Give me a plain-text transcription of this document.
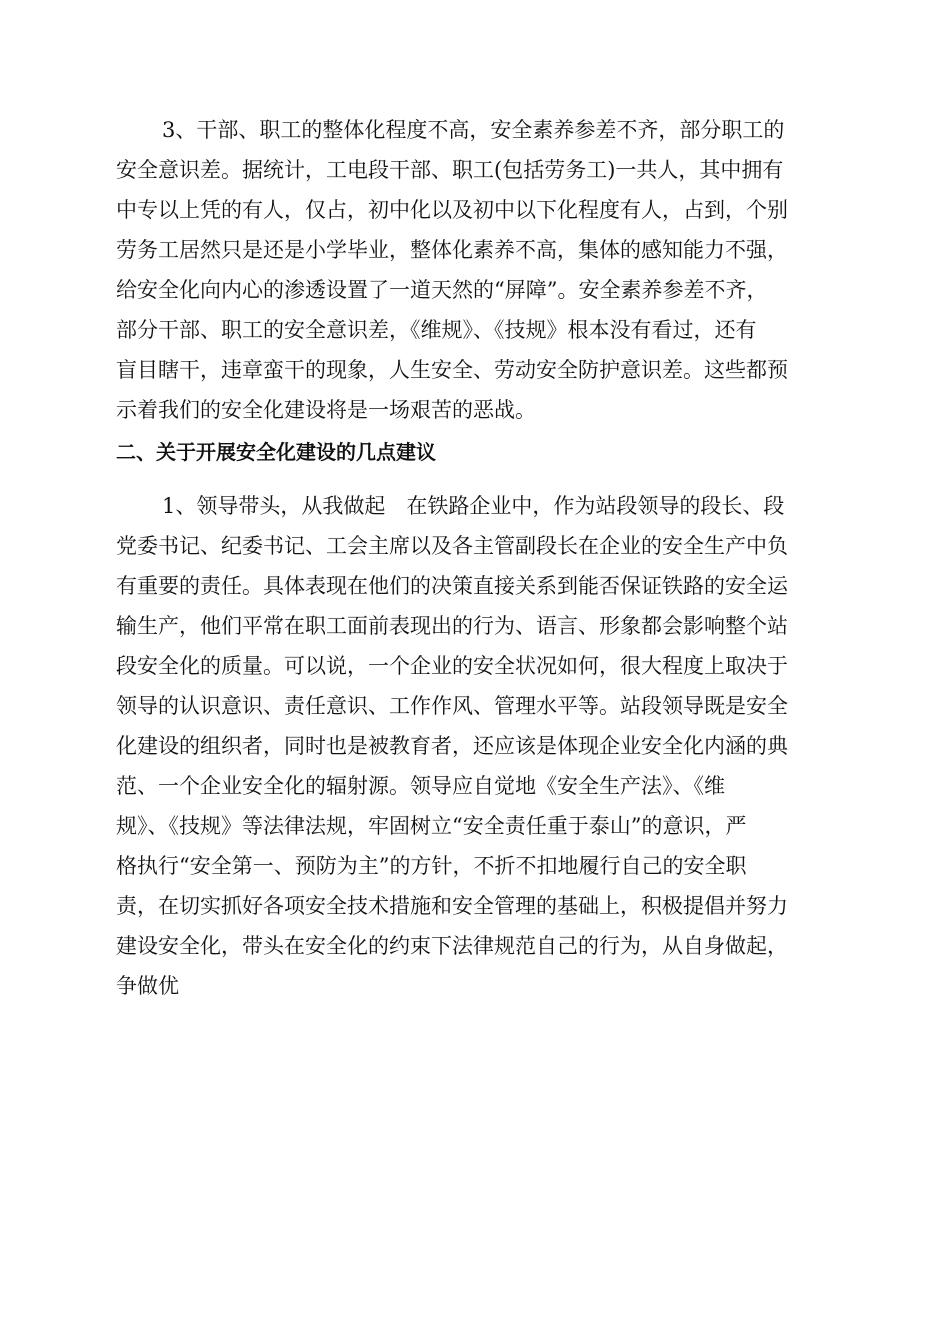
3、干部、职工的整体化程度不高，安全素养参差不齐，部分职工的
安全意识差。据统计，工电段干部、职工(包括劳务工)一共人，其中拥有
中专以上凭的有人，仅占，初中化以及初中以下化程度有人，占到，个别
劳务工居然只是还是小学毕业，整体化素养不高，集体的感知能力不强，
给安全化向内心的渗透设置了一道天然的“屏障”。安全素养参差不齐，
部分干部、职工的安全意识差，《维规》、《技规》根本没有看过，还有
盲目瞎干，违章蛮干的现象，人生安全、劳动安全防护意识差。这些都预
示着我们的安全化建设将是一场艰苦的恶战。
二、关于开展安全化建设的几点建议
1、领导带头，从我做起　在铁路企业中，作为站段领导的段长、段
党委书记、纪委书记、工会主席以及各主管副段长在企业的安全生产中负
有重要的责任。具体表现在他们的决策直接关系到能否保证铁路的安全运
输生产，他们平常在职工面前表现出的行为、语言、形象都会影响整个站
段安全化的质量。可以说，一个企业的安全状况如何，很大程度上取决于
领导的认识意识、责任意识、工作作风、管理水平等。站段领导既是安全
化建设的组织者，同时也是被教育者，还应该是体现企业安全化内涵的典
范、一个企业安全化的辐射源。领导应自觉地《安全生产法》、《维
规》、《技规》等法律法规，牢固树立“安全责任重于泰山”的意识，严
格执行“安全第一、预防为主”的方针，不折不扣地履行自己的安全职
责，在切实抓好各项安全技术措施和安全管理的基础上，积极提倡并努力
建设安全化，带头在安全化的约束下法律规范自己的行为，从自身做起，
争做优
